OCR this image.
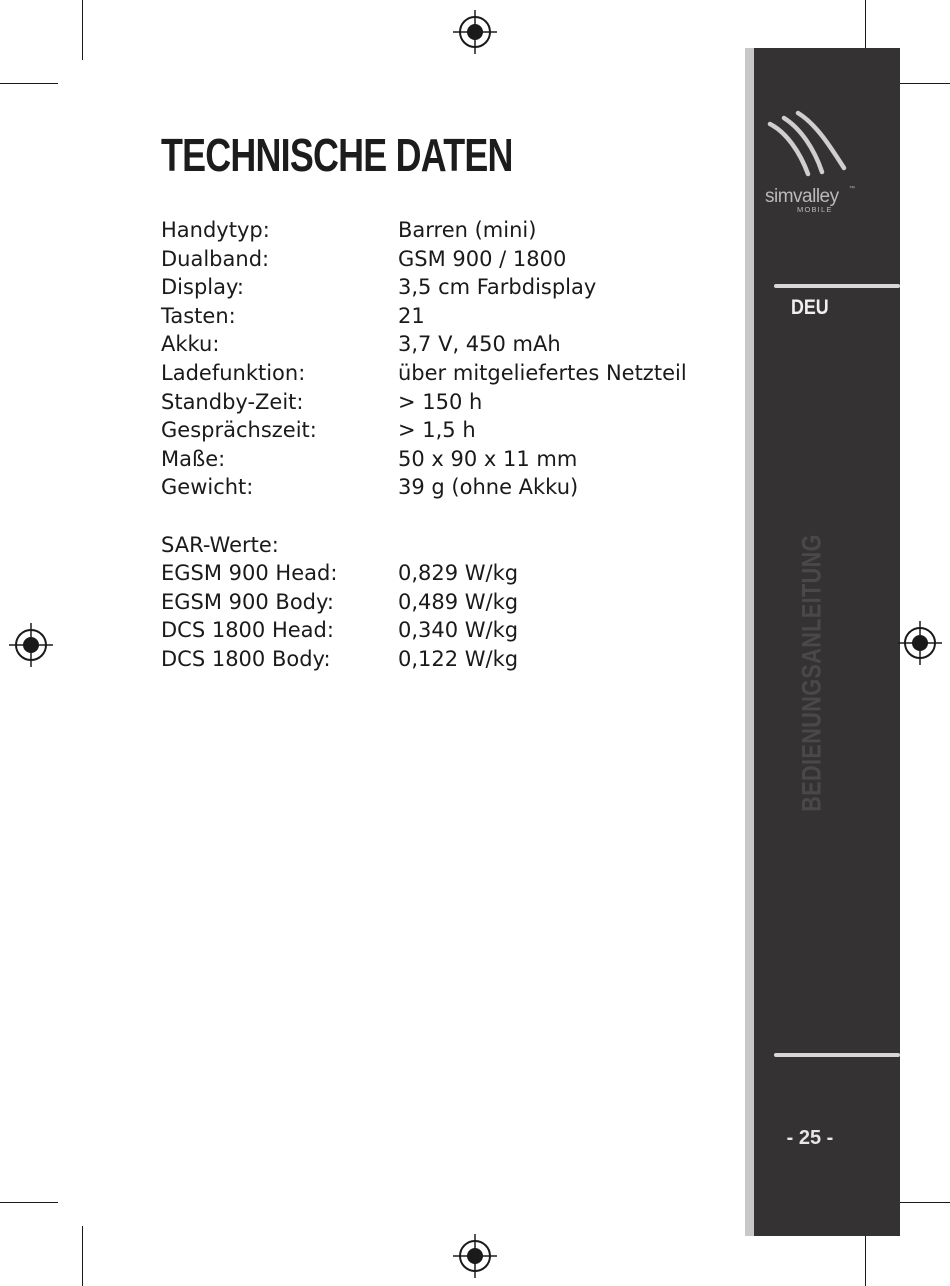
TECHNISCHE DATEN
Handytyp:	Barren (mini)
Dualband:	GSM 900 / 1800
Display:	3,5 cm Farbdisplay
Tasten:	21
Akku:	3,7 V, 450 mAh
Ladefunktion:	über mitgeliefertes Netzteil
Standby-Zeit:	> 150 h
Gesprächszeit:	> 1,5 h
Maße:	50 x 90 x 11 mm
Gewicht:	39 g (ohne Akku)
SAR-Werte:
EGSM 900 Head:	0,829 W/kg
EGSM 900 Body:	0,489 W/kg
DCS 1800 Head:	0,340 W/kg
DCS 1800 Body:	0,122 W/kg
simvalley ™
MOBILE
DEU
BEDIENUNGSANLEITUNG
- 25 -
